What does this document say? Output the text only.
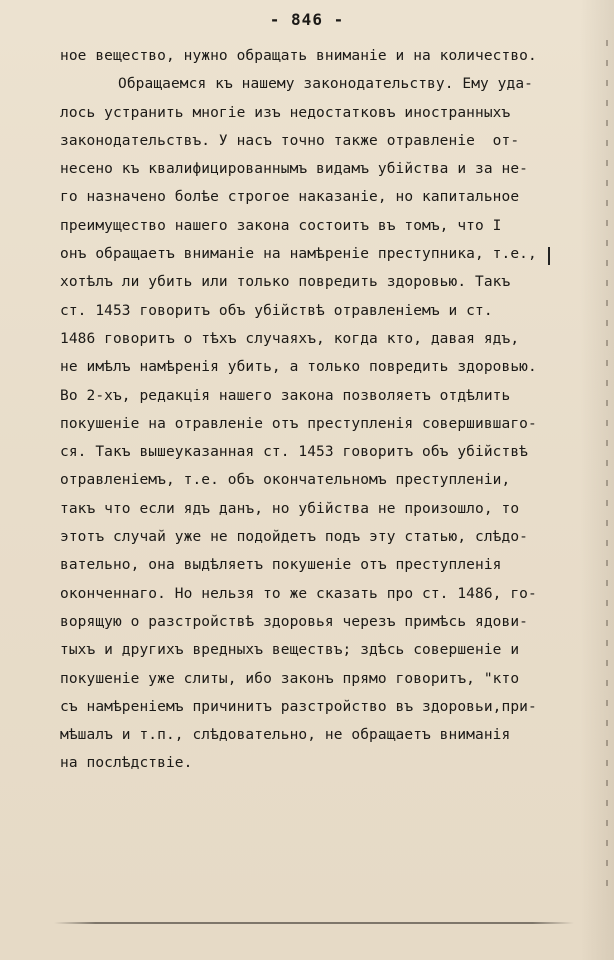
- 846 -
ное вещество, нужно обращать вниманіе и на количество.
Обращаемся къ нашему законодательству. Ему уда-
лось устранить многіе изъ недостатковъ иностранныхъ
законодательствъ. У насъ точно также отравленіе  от-
несено къ квалифицированнымъ видамъ убійства и за не-
го назначено болѣе строгое наказаніе, но капитальное
преимущество нашего закона состоитъ въ томъ, что I
онъ обращаетъ вниманіе на намѣреніе преступника, т.е.,
хотѣлъ ли убить или только повредить здоровью. Такъ
ст. 1453 говоритъ объ убійствѣ отравленіемъ и ст.
1486 говоритъ о тѣхъ случаяхъ, когда кто, давая ядъ,
не имѣлъ намѣренія убить, а только повредить здоровью.
Во 2-хъ, редакція нашего закона позволяетъ отдѣлить
покушеніе на отравленіе отъ преступленія совершившаго-
ся. Такъ вышеуказанная ст. 1453 говоритъ объ убійствѣ
отравленіемъ, т.е. объ окончательномъ преступленіи,
такъ что если ядъ данъ, но убійства не произошло, то
этотъ случай уже не подойдетъ подъ эту статью, слѣдо-
вательно, она выдѣляетъ покушеніе отъ преступленія
оконченнаго. Но нельзя то же сказать про ст. 1486, го-
ворящую о разстройствѣ здоровья черезъ примѣсь ядови-
тыхъ и другихъ вредныхъ веществъ; здѣсь совершеніе и
покушеніе уже слиты, ибо законъ прямо говоритъ, "кто
съ намѣреніемъ причинитъ разстройство въ здоровьи,при-
мѣшалъ и т.п., слѣдовательно, не обращаетъ вниманія
на послѣдствіе.
